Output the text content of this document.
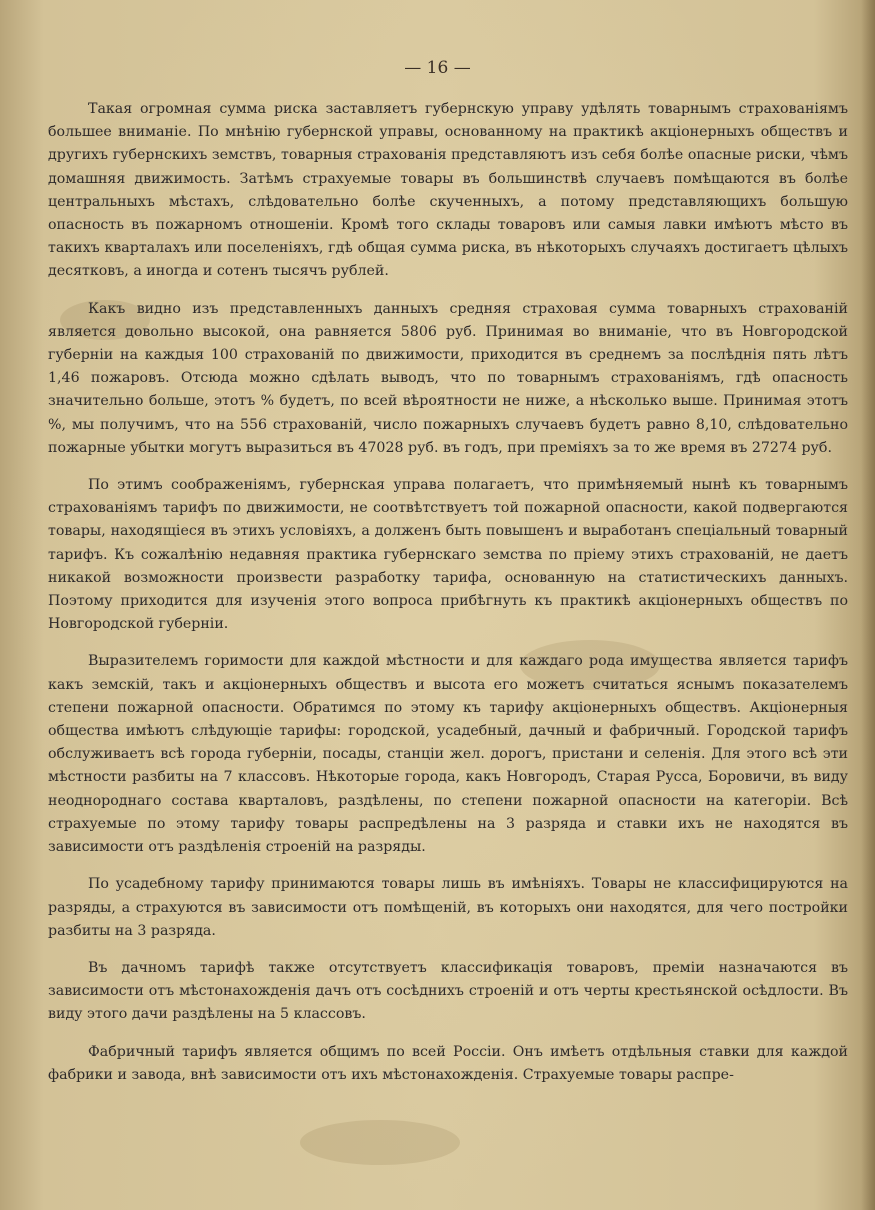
— 16 —

Такая огромная сумма риска заставляетъ губернскую управу удѣлять товарнымъ страхованіямъ большее вниманіе. По мнѣнію губернской управы, основанному на практикѣ акціонерныхъ обществъ и другихъ губернскихъ земствъ, товарныя страхованія представляютъ изъ себя болѣе опасные риски, чѣмъ домашняя движимость. Затѣмъ страхуемые товары въ большинствѣ случаевъ помѣщаются въ болѣе центральныхъ мѣстахъ, слѣдовательно болѣе скученныхъ, а потому представляющихъ большую опасность въ пожарномъ отношеніи. Кромѣ того склады товаровъ или самыя лавки имѣютъ мѣсто въ такихъ кварталахъ или поселеніяхъ, гдѣ общая сумма риска, въ нѣкоторыхъ случаяхъ достигаетъ цѣлыхъ десятковъ, а иногда и сотенъ тысячъ рублей.

Какъ видно изъ представленныхъ данныхъ средняя страховая сумма товарныхъ страхованій является довольно высокой, она равняется 5806 руб. Принимая во вниманіе, что въ Новгородской губерніи на каждыя 100 страхованій по движимости, приходится въ среднемъ за послѣднія пять лѣтъ 1,46 пожаровъ. Отсюда можно сдѣлать выводъ, что по товарнымъ страхованіямъ, гдѣ опасность значительно больше, этотъ % будетъ, по всей вѣроятности не ниже, а нѣсколько выше. Принимая этотъ %, мы получимъ, что на 556 страхованій, число пожарныхъ случаевъ будетъ равно 8,10, слѣдовательно пожарные убытки могутъ выразиться въ 47028 руб. въ годъ, при преміяхъ за то же время въ 27274 руб.

По этимъ соображеніямъ, губернская управа полагаетъ, что примѣняемый нынѣ къ товарнымъ страхованіямъ тарифъ по движимости, не соотвѣтствуетъ той пожарной опасности, какой подвергаются товары, находящіеся въ этихъ условіяхъ, а долженъ быть повышенъ и выработанъ спеціальный товарный тарифъ. Къ сожалѣнію недавняя практика губернскаго земства по пріему этихъ страхованій, не даетъ никакой возможности произвести разработку тарифа, основанную на статистическихъ данныхъ. Поэтому приходится для изученія этого вопроса прибѣгнуть къ практикѣ акціонерныхъ обществъ по Новгородской губерніи.

Выразителемъ горимости для каждой мѣстности и для каждаго рода имущества является тарифъ какъ земскій, такъ и акціонерныхъ обществъ и высота его можетъ считаться яснымъ показателемъ степени пожарной опасности. Обратимся по этому къ тарифу акціонерныхъ обществъ. Акціонерныя общества имѣютъ слѣдующіе тарифы: городской, усадебный, дачный и фабричный. Городской тарифъ обслуживаетъ всѣ города губерніи, посады, станціи жел. дорогъ, пристани и селенія. Для этого всѣ эти мѣстности разбиты на 7 классовъ. Нѣкоторые города, какъ Новгородъ, Старая Русса, Боровичи, въ виду неоднороднаго состава кварталовъ, раздѣлены, по степени пожарной опасности на категоріи. Всѣ страхуемые по этому тарифу товары распредѣлены на 3 разряда и ставки ихъ не находятся въ зависимости отъ раздѣленія строеній на разряды.

По усадебному тарифу принимаются товары лишь въ имѣніяхъ. Товары не классифицируются на разряды, а страхуются въ зависимости отъ помѣщеній, въ которыхъ они находятся, для чего постройки разбиты на 3 разряда.

Въ дачномъ тарифѣ также отсутствуетъ классификація товаровъ, преміи назначаются въ зависимости отъ мѣстонахожденія дачъ отъ сосѣднихъ строеній и отъ черты крестьянской осѣдлости. Въ виду этого дачи раздѣлены на 5 классовъ.

Фабричный тарифъ является общимъ по всей Россіи. Онъ имѣетъ отдѣльныя ставки для каждой фабрики и завода, внѣ зависимости отъ ихъ мѣстонахожденія. Страхуемые товары распре-
